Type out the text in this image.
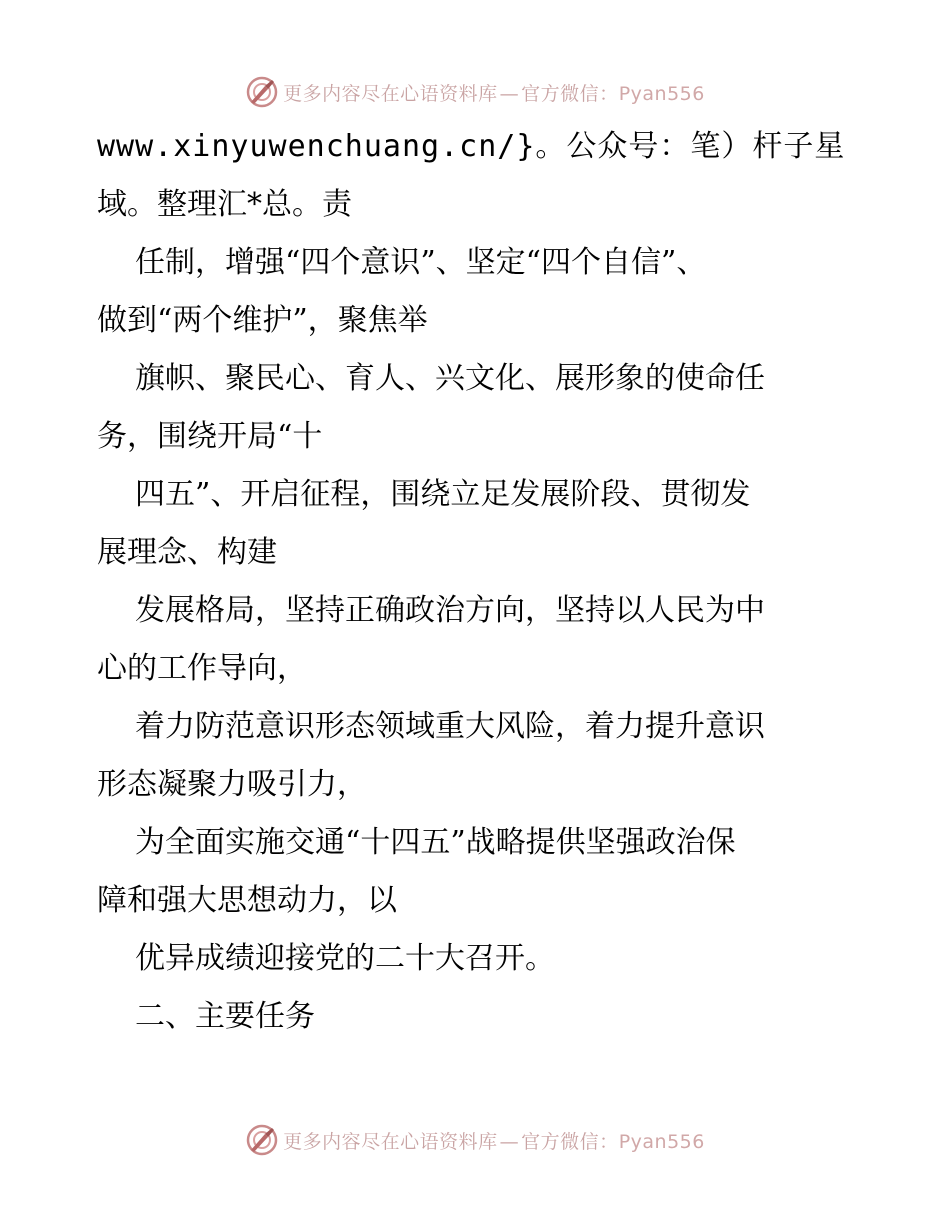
更多内容尽在心语资料库 — 官方微信：Pyan556
www.xinyuwenchuang.cn/}。公众号：笔）杆子星
域。整理汇*总。责
任制，增强“四个意识”、坚定“四个自信”、
做到“两个维护”，聚焦举
旗帜、聚民心、育人、兴文化、展形象的使命任
务，围绕开局“十
四五”、开启征程，围绕立足发展阶段、贯彻发
展理念、构建
发展格局，坚持正确政治方向，坚持以人民为中
心的工作导向，
着力防范意识形态领域重大风险，着力提升意识
形态凝聚力吸引力，
为全面实施交通“十四五”战略提供坚强政治保
障和强大思想动力，以
优异成绩迎接党的二十大召开。
二、主要任务
更多内容尽在心语资料库 — 官方微信：Pyan556
